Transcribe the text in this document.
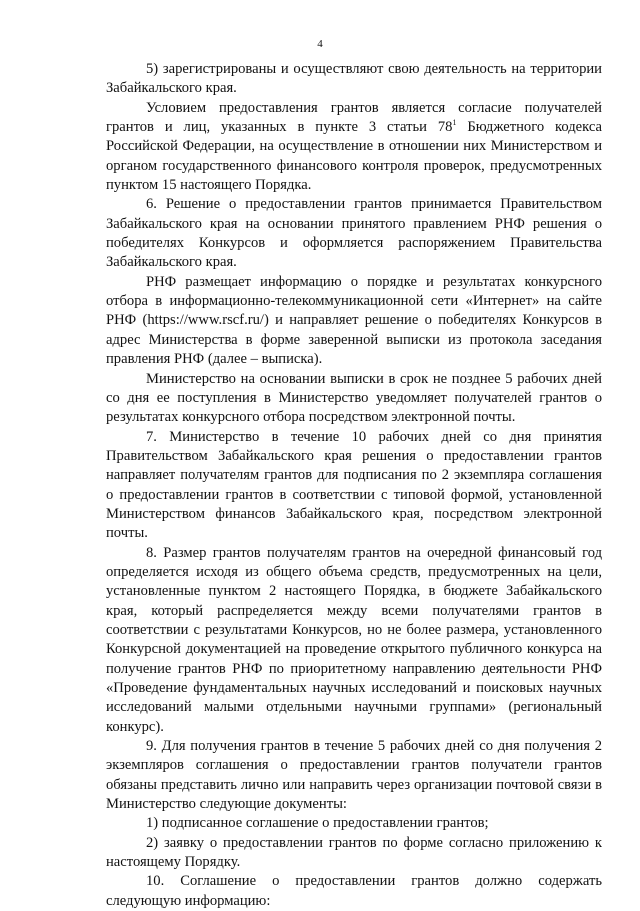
4

5) зарегистрированы и осуществляют свою деятельность на территории Забайкальского края.

Условием предоставления грантов является согласие получателей грантов и лиц, указанных в пункте 3 статьи $78^1$ Бюджетного кодекса Российской Федерации, на осуществление в отношении них Министерством и органом государственного финансового контроля проверок, предусмотренных пунктом 15 настоящего Порядка.

6. Решение о предоставлении грантов принимается Правительством Забайкальского края на основании принятого правлением РНФ решения о победителях Конкурсов и оформляется распоряжением Правительства Забайкальского края.

РНФ размещает информацию о порядке и результатах конкурсного отбора в информационно-телекоммуникационной сети «Интернет» на сайте РНФ (https://www.rscf.ru/) и направляет решение о победителях Конкурсов в адрес Министерства в форме заверенной выписки из протокола заседания правления РНФ (далее – выписка).

Министерство на основании выписки в срок не позднее 5 рабочих дней со дня ее поступления в Министерство уведомляет получателей грантов о результатах конкурсного отбора посредством электронной почты.

7. Министерство в течение 10 рабочих дней со дня принятия Правительством Забайкальского края решения о предоставлении грантов направляет получателям грантов для подписания по 2 экземпляра соглашения о предоставлении грантов в соответствии с типовой формой, установленной Министерством финансов Забайкальского края, посредством электронной почты.

8. Размер грантов получателям грантов на очередной финансовый год определяется исходя из общего объема средств, предусмотренных на цели, установленные пунктом 2 настоящего Порядка, в бюджете Забайкальского края, который распределяется между всеми получателями грантов в соответствии с результатами Конкурсов, но не более размера, установленного Конкурсной документацией на проведение открытого публичного конкурса на получение грантов РНФ по приоритетному направлению деятельности РНФ «Проведение фундаментальных научных исследований и поисковых научных исследований малыми отдельными научными группами» (региональный конкурс).

9. Для получения грантов в течение 5 рабочих дней со дня получения 2 экземпляров соглашения о предоставлении грантов получатели грантов обязаны представить лично или направить через организации почтовой связи в Министерство следующие документы:

1) подписанное соглашение о предоставлении грантов;

2) заявку о предоставлении грантов по форме согласно приложению к настоящему Порядку.

10. Соглашение о предоставлении грантов должно содержать следующую информацию:
